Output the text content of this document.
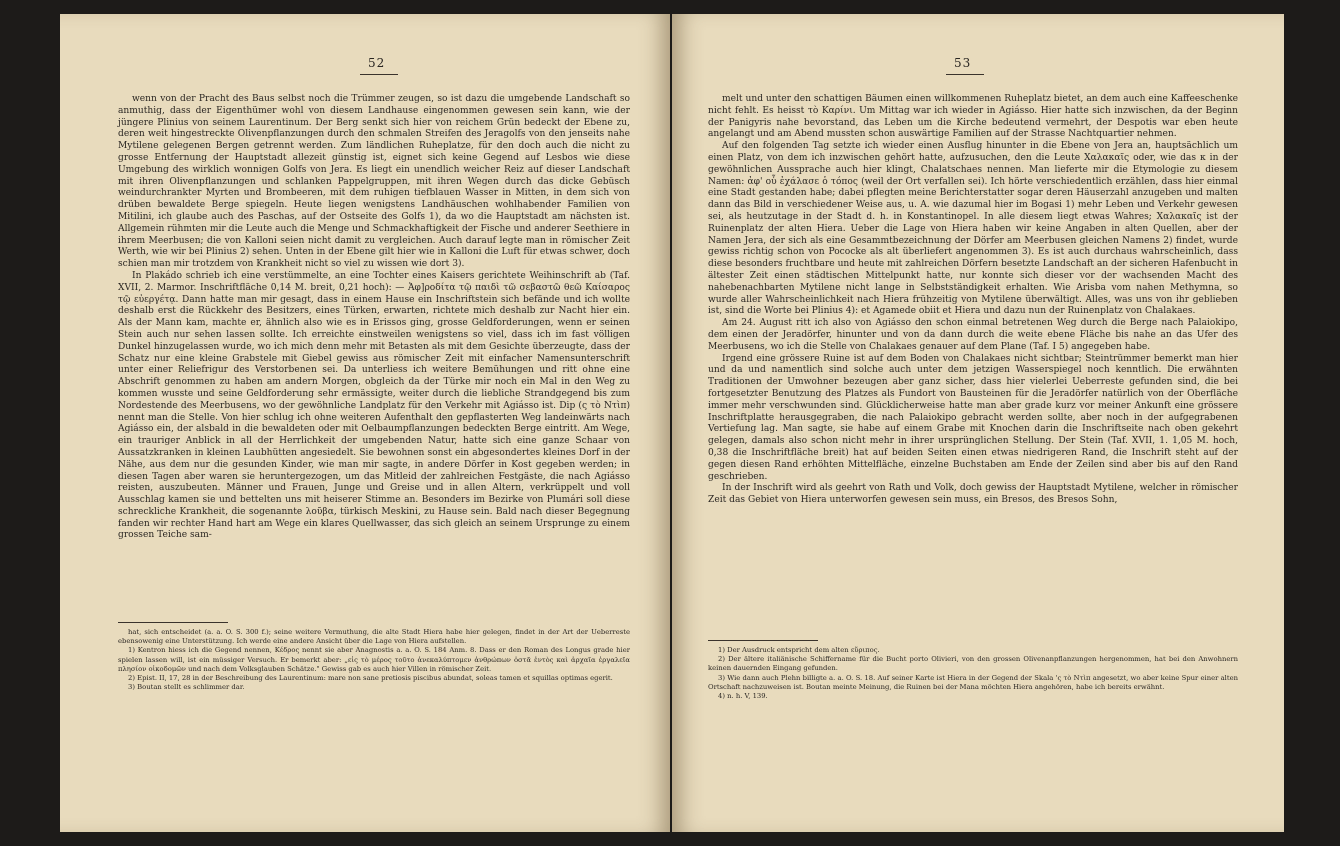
52

wenn von der Pracht des Baus selbst noch die Trümmer zeugen, so ist dazu die umgebende Landschaft so anmuthig, dass der Eigenthümer wohl von diesem Landhause eingenommen gewesen sein kann, wie der jüngere Plinius von seinem Laurentinum. Der Berg senkt sich hier von reichem Grün bedeckt der Ebene zu, deren weit hingestreckte Olivenpflanzungen durch den schmalen Streifen des Jeragolfs von den jenseits nahe Mytilene gelegenen Bergen getrennt werden. Zum ländlichen Ruheplatze, für den doch auch die nicht zu grosse Entfernung der Hauptstadt allezeit günstig ist, eignet sich keine Gegend auf Lesbos wie diese Umgebung des wirklich wonnigen Golfs von Jera. Es liegt ein unendlich weicher Reiz auf dieser Landschaft mit ihren Olivenpflanzungen und schlanken Pappelgruppen, mit ihren Wegen durch das dicke Gebüsch weindurchrankter Myrten und Brombeeren, mit dem ruhigen tiefblauen Wasser in Mitten, in dem sich von drüben bewaldete Berge spiegeln. Heute liegen wenigstens Landhäuschen wohlhabender Familien von Mitilini, ich glaube auch des Paschas, auf der Ostseite des Golfs 1), da wo die Hauptstadt am nächsten ist. Allgemein rühmten mir die Leute auch die Menge und Schmackhaftigkeit der Fische und anderer Seethiere in ihrem Meerbusen; die von Kalloni seien nicht damit zu vergleichen. Auch darauf legte man in römischer Zeit Werth, wie wir bei Plinius 2) sehen. Unten in der Ebene gilt hier wie in Kalloni die Luft für etwas schwer, doch schien man mir trotzdem von Krankheit nicht so viel zu wissen wie dort 3).

In Plakádo schrieb ich eine verstümmelte, an eine Tochter eines Kaisers gerichtete Weihinschrift ab (Taf. XVII, 2. Marmor. Inschriftfläche 0,14 M. breit, 0,21 hoch): — Ἀφ]ροδίτα τῷ παιδὶ τῶ σεβαστῶ θεῶ Καίσαρος τῷ εὐεργέτᾳ. Dann hatte man mir gesagt, dass in einem Hause ein Inschriftstein sich befände und ich wollte deshalb erst die Rückkehr des Besitzers, eines Türken, erwarten, richtete mich deshalb zur Nacht hier ein. Als der Mann kam, machte er, ähnlich also wie es in Erissos ging, grosse Geldforderungen, wenn er seinen Stein auch nur sehen lassen sollte. Ich erreichte einstweilen wenigstens so viel, dass ich im fast völligen Dunkel hinzugelassen wurde, wo ich mich denn mehr mit Betasten als mit dem Gesichte überzeugte, dass der Schatz nur eine kleine Grabstele mit Giebel gewiss aus römischer Zeit mit einfacher Namensunterschrift unter einer Reliefrigur des Verstorbenen sei. Da unterliess ich weitere Bemühungen und ritt ohne eine Abschrift genommen zu haben am andern Morgen, obgleich da der Türke mir noch ein Mal in den Weg zu kommen wusste und seine Geldforderung sehr ermässigte, weiter durch die liebliche Strandgegend bis zum Nordestende des Meerbusens, wo der gewöhnliche Landplatz für den Verkehr mit Agiásso ist. Dip (ς τὸ Ντὶπ) nennt man die Stelle. Von hier schlug ich ohne weiteren Aufenthalt den gepflasterten Weg landeinwärts nach Agiásso ein, der alsbald in die bewaldeten oder mit Oelbaumpflanzungen bedeckten Berge eintritt. Am Wege, ein trauriger Anblick in all der Herrlichkeit der umgebenden Natur, hatte sich eine ganze Schaar von Aussatzkranken in kleinen Laubhütten angesiedelt. Sie bewohnen sonst ein abgesondertes kleines Dorf in der Nähe, aus dem nur die gesunden Kinder, wie man mir sagte, in andere Dörfer in Kost gegeben werden; in diesen Tagen aber waren sie heruntergezogen, um das Mitleid der zahlreichen Festgäste, die nach Agiásso reisten, auszubeuten. Männer und Frauen, Junge und Greise und in allen Altern, verkrüppelt und voll Ausschlag kamen sie und bettelten uns mit heiserer Stimme an. Besonders im Bezirke von Plumári soll diese schreckliche Krankheit, die sogenannte λοῦβα, türkisch Meskini, zu Hause sein. Bald nach dieser Begegnung fanden wir rechter Hand hart am Wege ein klares Quellwasser, das sich gleich an seinem Ursprunge zu einem grossen Teiche sam-

hat, sich entscheidet (a. a. O. S. 300 f.); seine weitere Vermuthung, die alte Stadt Hiera habe hier gelegen, findet in der Art der Ueberreste ebensowenig eine Unterstützung. Ich werde eine andere Ansicht über die Lage von Hiera aufstellen.

1) Kentron hiess ich die Gegend nennen, Κέδρος nennt sie aber Anagnostis a. a. O. S. 184 Anm. 8. Dass er den Roman des Longus grade hier spielen lassen will, ist ein müssiger Versuch. Er bemerkt aber: „εἰς τὸ μέρος τοῦτο ἀνεκαλύπτομεν ἀνθρώπων ὀστᾶ ἐντὸς καὶ ἀρχαῖα ἐργαλεῖα πλησίον οἰκοδομῶν und nach dem Volksglauben Schätze." Gewiss gab es auch hier Villen in römischer Zeit.

2) Epist. II, 17, 28 in der Beschreibung des Laurentinum: mare non sane pretiosis piscibus abundat, soleas tamen et squillas optimas egerit.

3) Boutan stellt es schlimmer dar.

53

melt und unter den schattigen Bäumen einen willkommenen Ruheplatz bietet, an dem auch eine Kaffeeschenke nicht fehlt. Es heisst τὸ Καρίνι. Um Mittag war ich wieder in Agiásso. Hier hatte sich inzwischen, da der Beginn der Panigyris nahe bevorstand, das Leben um die Kirche bedeutend vermehrt, der Despotis war eben heute angelangt und am Abend mussten schon auswärtige Familien auf der Strasse Nachtquartier nehmen.

Auf den folgenden Tag setzte ich wieder einen Ausflug hinunter in die Ebene von Jera an, hauptsächlich um einen Platz, von dem ich inzwischen gehört hatte, aufzusuchen, den die Leute Χαλακαῖς oder, wie das κ in der gewöhnlichen Aussprache auch hier klingt, Chalatschaes nennen. Man lieferte mir die Etymologie zu diesem Namen: ἀφ' οὗ ἐχάλασε ὁ τόπος (weil der Ort verfallen sei). Ich hörte verschiedentlich erzählen, dass hier einmal eine Stadt gestanden habe; dabei pflegten meine Berichterstatter sogar deren Häuserzahl anzugeben und malten dann das Bild in verschiedener Weise aus, u. A. wie dazumal hier im Bogasi 1) mehr Leben und Verkehr gewesen sei, als heutzutage in der Stadt d. h. in Konstantinopel. In alle diesem liegt etwas Wahres; Χαλακαῖς ist der Ruinenplatz der alten Hiera. Ueber die Lage von Hiera haben wir keine Angaben in alten Quellen, aber der Namen Jera, der sich als eine Gesammtbezeichnung der Dörfer am Meerbusen gleichen Namens 2) findet, wurde gewiss richtig schon von Pococke als alt überliefert angenommen 3). Es ist auch durchaus wahrscheinlich, dass diese besonders fruchtbare und heute mit zahlreichen Dörfern besetzte Landschaft an der sicheren Hafenbucht in ältester Zeit einen städtischen Mittelpunkt hatte, nur konnte sich dieser vor der wachsenden Macht des nahebenachbarten Mytilene nicht lange in Selbstständigkeit erhalten. Wie Arisba vom nahen Methymna, so wurde aller Wahrscheinlichkeit nach Hiera frühzeitig von Mytilene überwältigt. Alles, was uns von ihr geblieben ist, sind die Worte bei Plinius 4): et Agamede obiit et Hiera und dazu nun der Ruinenplatz von Chalakaes.

Am 24. August ritt ich also von Agiásso den schon einmal betretenen Weg durch die Berge nach Palaiokipo, dem einen der Jeradörfer, hinunter und von da dann durch die weite ebene Fläche bis nahe an das Ufer des Meerbusens, wo ich die Stelle von Chalakaes genauer auf dem Plane (Taf. I 5) angegeben habe.

Irgend eine grössere Ruine ist auf dem Boden von Chalakaes nicht sichtbar; Steintrümmer bemerkt man hier und da und namentlich sind solche auch unter dem jetzigen Wasserspiegel noch kenntlich. Die erwähnten Traditionen der Umwohner bezeugen aber ganz sicher, dass hier vielerlei Ueberreste gefunden sind, die bei fortgesetzter Benutzung des Platzes als Fundort von Bausteinen für die Jeradörfer natürlich von der Oberfläche immer mehr verschwunden sind. Glücklicherweise hatte man aber grade kurz vor meiner Ankunft eine grössere Inschriftplatte herausgegraben, die nach Palaiokipo gebracht werden sollte, aber noch in der aufgegrabenen Vertiefung lag. Man sagte, sie habe auf einem Grabe mit Knochen darin die Inschriftseite nach oben gekehrt gelegen, damals also schon nicht mehr in ihrer ursprünglichen Stellung. Der Stein (Taf. XVII, 1. 1,05 M. hoch, 0,38 die Inschriftfläche breit) hat auf beiden Seiten einen etwas niedrigeren Rand, die Inschrift steht auf der gegen diesen Rand erhöhten Mittelfläche, einzelne Buchstaben am Ende der Zeilen sind aber bis auf den Rand geschrieben.

In der Inschrift wird als geehrt von Rath und Volk, doch gewiss der Hauptstadt Mytilene, welcher in römischer Zeit das Gebiet von Hiera unterworfen gewesen sein muss, ein Bresos, des Bresos Sohn,

1) Der Ausdruck entspricht dem alten εὔριπος.

2) Der ältere italiänische Schiffername für die Bucht porto Olivieri, von den grossen Olivenanpflanzungen hergenommen, hat bei den Anwohnern keinen dauernden Eingang gefunden.

3) Wie dann auch Plehn billigte a. a. O. S. 18. Auf seiner Karte ist Hiera in der Gegend der Skala 'ς τὸ Ντὶπ angesetzt, wo aber keine Spur einer alten Ortschaft nachzuweisen ist. Boutan meinte Meinung, die Ruinen bei der Mana möchten Hiera angehören, habe ich bereits erwähnt.

4) n. h. V, 139.
